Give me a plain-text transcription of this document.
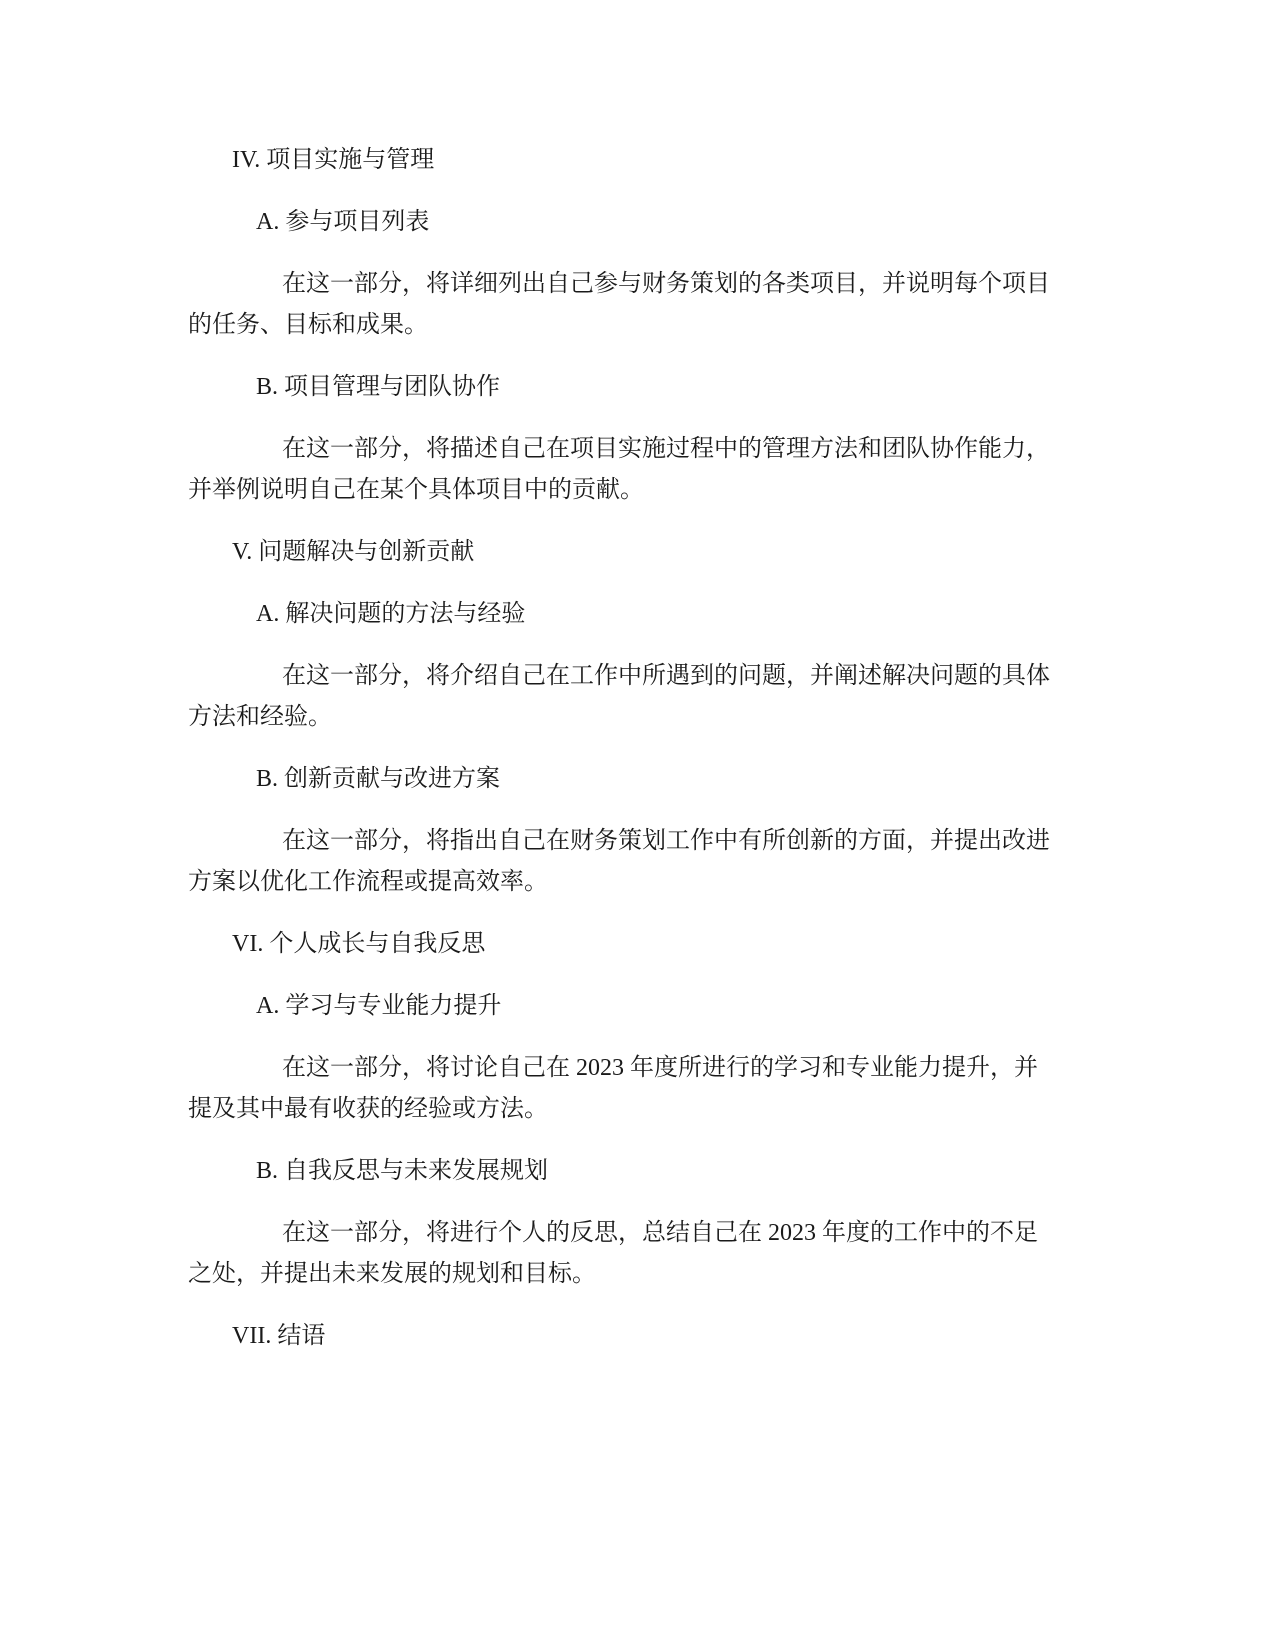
IV. 项目实施与管理

A. 参与项目列表

在这一部分，将详细列出自己参与财务策划的各类项目，并说明每个项目

的任务、目标和成果。

B. 项目管理与团队协作

在这一部分，将描述自己在项目实施过程中的管理方法和团队协作能力，

并举例说明自己在某个具体项目中的贡献。

V. 问题解决与创新贡献

A. 解决问题的方法与经验

在这一部分，将介绍自己在工作中所遇到的问题，并阐述解决问题的具体

方法和经验。

B. 创新贡献与改进方案

在这一部分，将指出自己在财务策划工作中有所创新的方面，并提出改进

方案以优化工作流程或提高效率。

VI. 个人成长与自我反思

A. 学习与专业能力提升

在这一部分，将讨论自己在 2023 年度所进行的学习和专业能力提升，并

提及其中最有收获的经验或方法。

B. 自我反思与未来发展规划

在这一部分，将进行个人的反思，总结自己在 2023 年度的工作中的不足

之处，并提出未来发展的规划和目标。

VII. 结语
